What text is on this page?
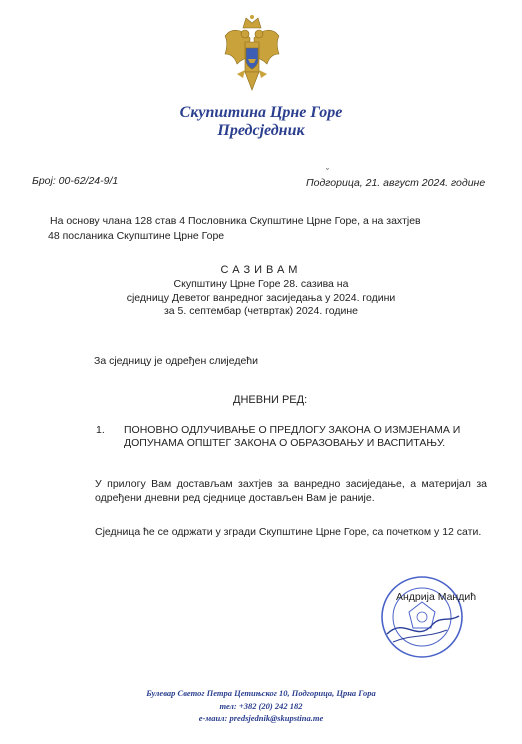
Скупштина Црне Горе
Предсједник
Број: 00-62/24-9/1
ˇ
Подгорица, 21. август 2024. године
На основу члана 128 став 4 Пословника Скупштине Црне Горе, а на захтјев
48 посланика Скупштине Црне Горе
САЗИВАМ
Скупштину Црне Горе 28. сазива на
сједницу Деветог ванредног засиједања у 2024. години
за 5. септембар (четвртак) 2024. године
За сједницу је одређен слиједећи
ДНЕВНИ РЕД:
1. ПОНОВНО ОДЛУЧИВАЊЕ О ПРЕДЛОГУ ЗАКОНА О ИЗМЈЕНАМА И ДОПУНАМА ОПШТЕГ ЗАКОНА О ОБРАЗОВАЊУ И ВАСПИТАЊУ.
У прилогу Вам достављам захтјев за ванредно засиједање, а материјал за одређени дневни ред сједнице достављен Вам је раније.
Сједница ће се одржати у згради Скупштине Црне Горе, са почетком у 12 сати.
Андрија Мандић
Булевар Светог Петра Цетињског 10, Подгорица, Црна Гора
тел: +382 (20) 242 182
е-маил: predsjednik@skupstina.me
